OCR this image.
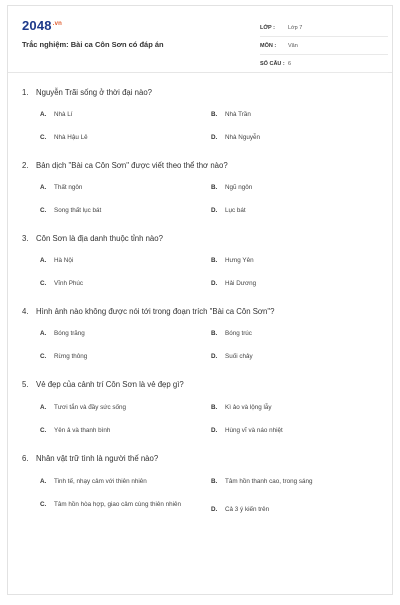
$2048^{.vn}$
Trắc nghiệm: Bài ca Côn Sơn có đáp án
LỚP :	Lớp 7
MÔN :	Văn
SỐ CÂU : 6
1. Nguyễn Trãi sống ở thời đại nào?
A.	Nhà Lí	B.	Nhà Trần
C.	Nhà Hậu Lê	D.	Nhà Nguyễn
2. Bản dịch "Bài ca Côn Sơn" được viết theo thể thơ nào?
A.	Thất ngôn	B.	Ngũ ngôn
C.	Song thất lục bát	D.	Lục bát
3. Côn Sơn là địa danh thuộc tỉnh nào?
A.	Hà Nội	B.	Hưng Yên
C.	Vĩnh Phúc	D.	Hải Dương
4. Hình ảnh nào không được nói tới trong đoạn trích "Bài ca Côn Sơn"?
A.	Bóng trăng	B.	Bóng trúc
C.	Rừng thông	D.	Suối chảy
5. Vẻ đẹp của cảnh trí Côn Sơn là vẻ đẹp gì?
A.	Tươi tắn và đầy sức sống	B.	Kì ảo và lộng lẫy
C.	Yên ả và thanh bình	D.	Hùng vĩ và náo nhiệt
6. Nhân vật trữ tình là người thế nào?
A.	Tinh tế, nhạy cảm với thiên nhiên	B.	Tâm hồn thanh cao, trong sáng
C.	Tâm hồn hòa hợp, giao cảm cùng thiên nhiên
D.	Cả 3 ý kiến trên
